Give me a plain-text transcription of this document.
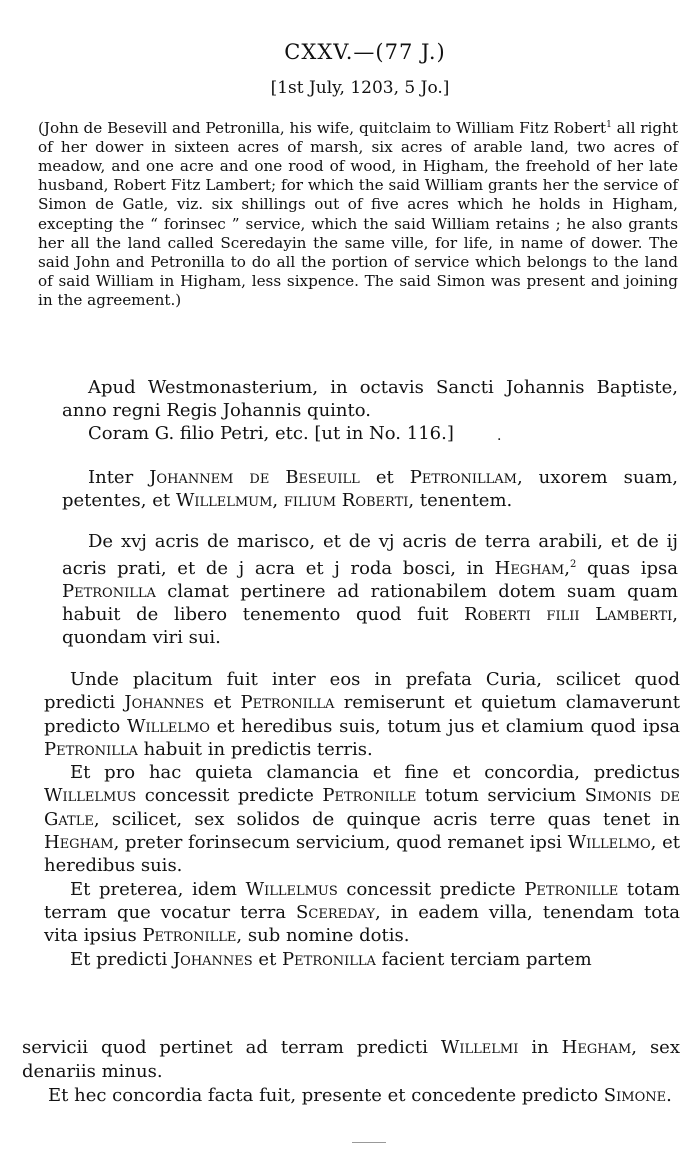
CXXV.—(77 J.)
[1st July, 1203, 5 Jo.]
(John de Besevill and Petronilla, his wife, quitclaim to William Fitz Robert$^1$ all right of her dower in sixteen acres of marsh, six acres of arable land, two acres of meadow, and one acre and one rood of wood, in Higham, the freehold of her late husband, Robert Fitz Lambert; for which the said William grants her the service of Simon de Gatle, viz. six shillings out of five acres which he holds in Higham, excepting the “ forinsec ” service, which the said William retains ; he also grants her all the land called Sceredayin the same ville, for life, in name of dower. The said John and Petronilla to do all the portion of service which belongs to the land of said William in Higham, less sixpence. The said Simon was present and joining in the agreement.)

Apud Westmonasterium, in octavis Sancti Johannis Baptiste, anno regni Regis Johannis quinto.

Coram G. filio Petri, etc. [ut in No. 116.]	·

Inter Johannem de Beseuill et Petronillam, uxorem suam, petentes, et Willelmum, filium Roberti, tenentem.

De xvj acris de marisco, et de vj acris de terra arabili, et de ij acris prati, et de j acra et j roda bosci, in Hegham,$^2$ quas ipsa Petronilla clamat pertinere ad rationabilem dotem suam quam habuit de libero tenemento quod fuit Roberti filii Lamberti, quondam viri sui.

Unde placitum fuit inter eos in prefata Curia, scilicet quod predicti Johannes et Petronilla remiserunt et quietum clamaverunt predicto Willelmo et heredibus suis, totum jus et clamium quod ipsa Petronilla habuit in predictis terris.

Et pro hac quieta clamancia et fine et concordia, predictus Willelmus concessit predicte Petronille totum servicium Simonis de Gatle, scilicet, sex solidos de quinque acris terre quas tenet in Hegham, preter forinsecum servicium, quod remanet ipsi Willelmo, et heredibus suis.

Et preterea, idem Willelmus concessit predicte Petronille totam terram que vocatur terra Scereday, in eadem villa, tenendam tota vita ipsius Petronille, sub nomine dotis.

Et predicti Johannes et Petronilla facient terciam partem

servicii quod pertinet ad terram predicti Willelmi in Hegham, sex denariis minus.

Et hec concordia facta fuit, presente et concedente predicto Simone.
